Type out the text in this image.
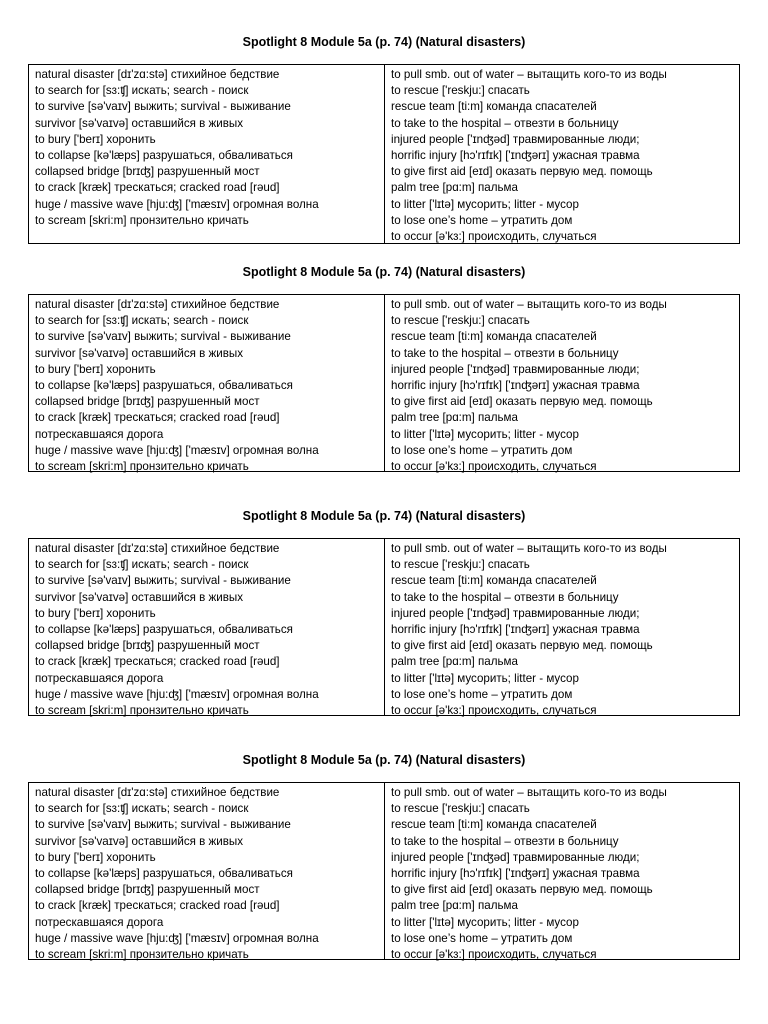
Spotlight 8 Module 5a (p. 74) (Natural disasters)
natural disaster [dɪ'zɑ:stə] стихийное бедствие
to search for [sɜ:ʧ] искать; search - поиск
to survive [sə'vaɪv] выжить; survival - выживание
survivor [sə'vaɪvə] оставшийся в живых
to bury ['berɪ] хоронить
to collapse [kə'læps] разрушаться, обваливаться
collapsed bridge [brɪʤ] разрушенный мост
to crack [kræk] трескаться; cracked road [rəud]
huge / massive wave [hju:ʤ] ['mæsɪv] огромная волна
to scream [skri:m] пронзительно кричать
to pull smb. out of water – вытащить кого-то из воды
to rescue ['reskju:] спасать
rescue team [ti:m] команда спасателей
to take to the hospital – отвезти в больницу
injured people ['ɪnʤəd] травмированные люди;
horrific injury [hɔ'rɪfɪk] ['ɪnʤərɪ] ужасная травма
to give first aid [eɪd] оказать первую мед. помощь
palm tree [pɑ:m] пальма
to litter ['lɪtə] мусорить; litter - мусор
to lose one’s home – утратить дом
to occur [ə'kɜ:] происходить, случаться
Spotlight 8 Module 5a (p. 74) (Natural disasters)
natural disaster [dɪ'zɑ:stə] стихийное бедствие
to search for [sɜ:ʧ] искать; search - поиск
to survive [sə'vaɪv] выжить; survival - выживание
survivor [sə'vaɪvə] оставшийся в живых
to bury ['berɪ] хоронить
to collapse [kə'læps] разрушаться, обваливаться
collapsed bridge [brɪʤ] разрушенный мост
to crack [kræk] трескаться; cracked road [rəud]
потрескавшаяся дорога
huge / massive wave [hju:ʤ] ['mæsɪv] огромная волна
to scream [skri:m] пронзительно кричать
to pull smb. out of water – вытащить кого-то из воды
to rescue ['reskju:] спасать
rescue team [ti:m] команда спасателей
to take to the hospital – отвезти в больницу
injured people ['ɪnʤəd] травмированные люди;
horrific injury [hɔ'rɪfɪk] ['ɪnʤərɪ] ужасная травма
to give first aid [eɪd] оказать первую мед. помощь
palm tree [pɑ:m] пальма
to litter ['lɪtə] мусорить; litter - мусор
to lose one’s home – утратить дом
to occur [ə'kɜ:] происходить, случаться
Spotlight 8 Module 5a (p. 74) (Natural disasters)
natural disaster [dɪ'zɑ:stə] стихийное бедствие
to search for [sɜ:ʧ] искать; search - поиск
to survive [sə'vaɪv] выжить; survival - выживание
survivor [sə'vaɪvə] оставшийся в живых
to bury ['berɪ] хоронить
to collapse [kə'læps] разрушаться, обваливаться
collapsed bridge [brɪʤ] разрушенный мост
to crack [kræk] трескаться; cracked road [rəud]
потрескавшаяся дорога
huge / massive wave [hju:ʤ] ['mæsɪv] огромная волна
to scream [skri:m] пронзительно кричать
to pull smb. out of water – вытащить кого-то из воды
to rescue ['reskju:] спасать
rescue team [ti:m] команда спасателей
to take to the hospital – отвезти в больницу
injured people ['ɪnʤəd] травмированные люди;
horrific injury [hɔ'rɪfɪk] ['ɪnʤərɪ] ужасная травма
to give first aid [eɪd] оказать первую мед. помощь
palm tree [pɑ:m] пальма
to litter ['lɪtə] мусорить; litter - мусор
to lose one’s home – утратить дом
to occur [ə'kɜ:] происходить, случаться
Spotlight 8 Module 5a (p. 74) (Natural disasters)
natural disaster [dɪ'zɑ:stə] стихийное бедствие
to search for [sɜ:ʧ] искать; search - поиск
to survive [sə'vaɪv] выжить; survival - выживание
survivor [sə'vaɪvə] оставшийся в живых
to bury ['berɪ] хоронить
to collapse [kə'læps] разрушаться, обваливаться
collapsed bridge [brɪʤ] разрушенный мост
to crack [kræk] трескаться; cracked road [rəud]
потрескавшаяся дорога
huge / massive wave [hju:ʤ] ['mæsɪv] огромная волна
to scream [skri:m] пронзительно кричать
to pull smb. out of water – вытащить кого-то из воды
to rescue ['reskju:] спасать
rescue team [ti:m] команда спасателей
to take to the hospital – отвезти в больницу
injured people ['ɪnʤəd] травмированные люди;
horrific injury [hɔ'rɪfɪk] ['ɪnʤərɪ] ужасная травма
to give first aid [eɪd] оказать первую мед. помощь
palm tree [pɑ:m] пальма
to litter ['lɪtə] мусорить; litter - мусор
to lose one’s home – утратить дом
to occur [ə'kɜ:] происходить, случаться
